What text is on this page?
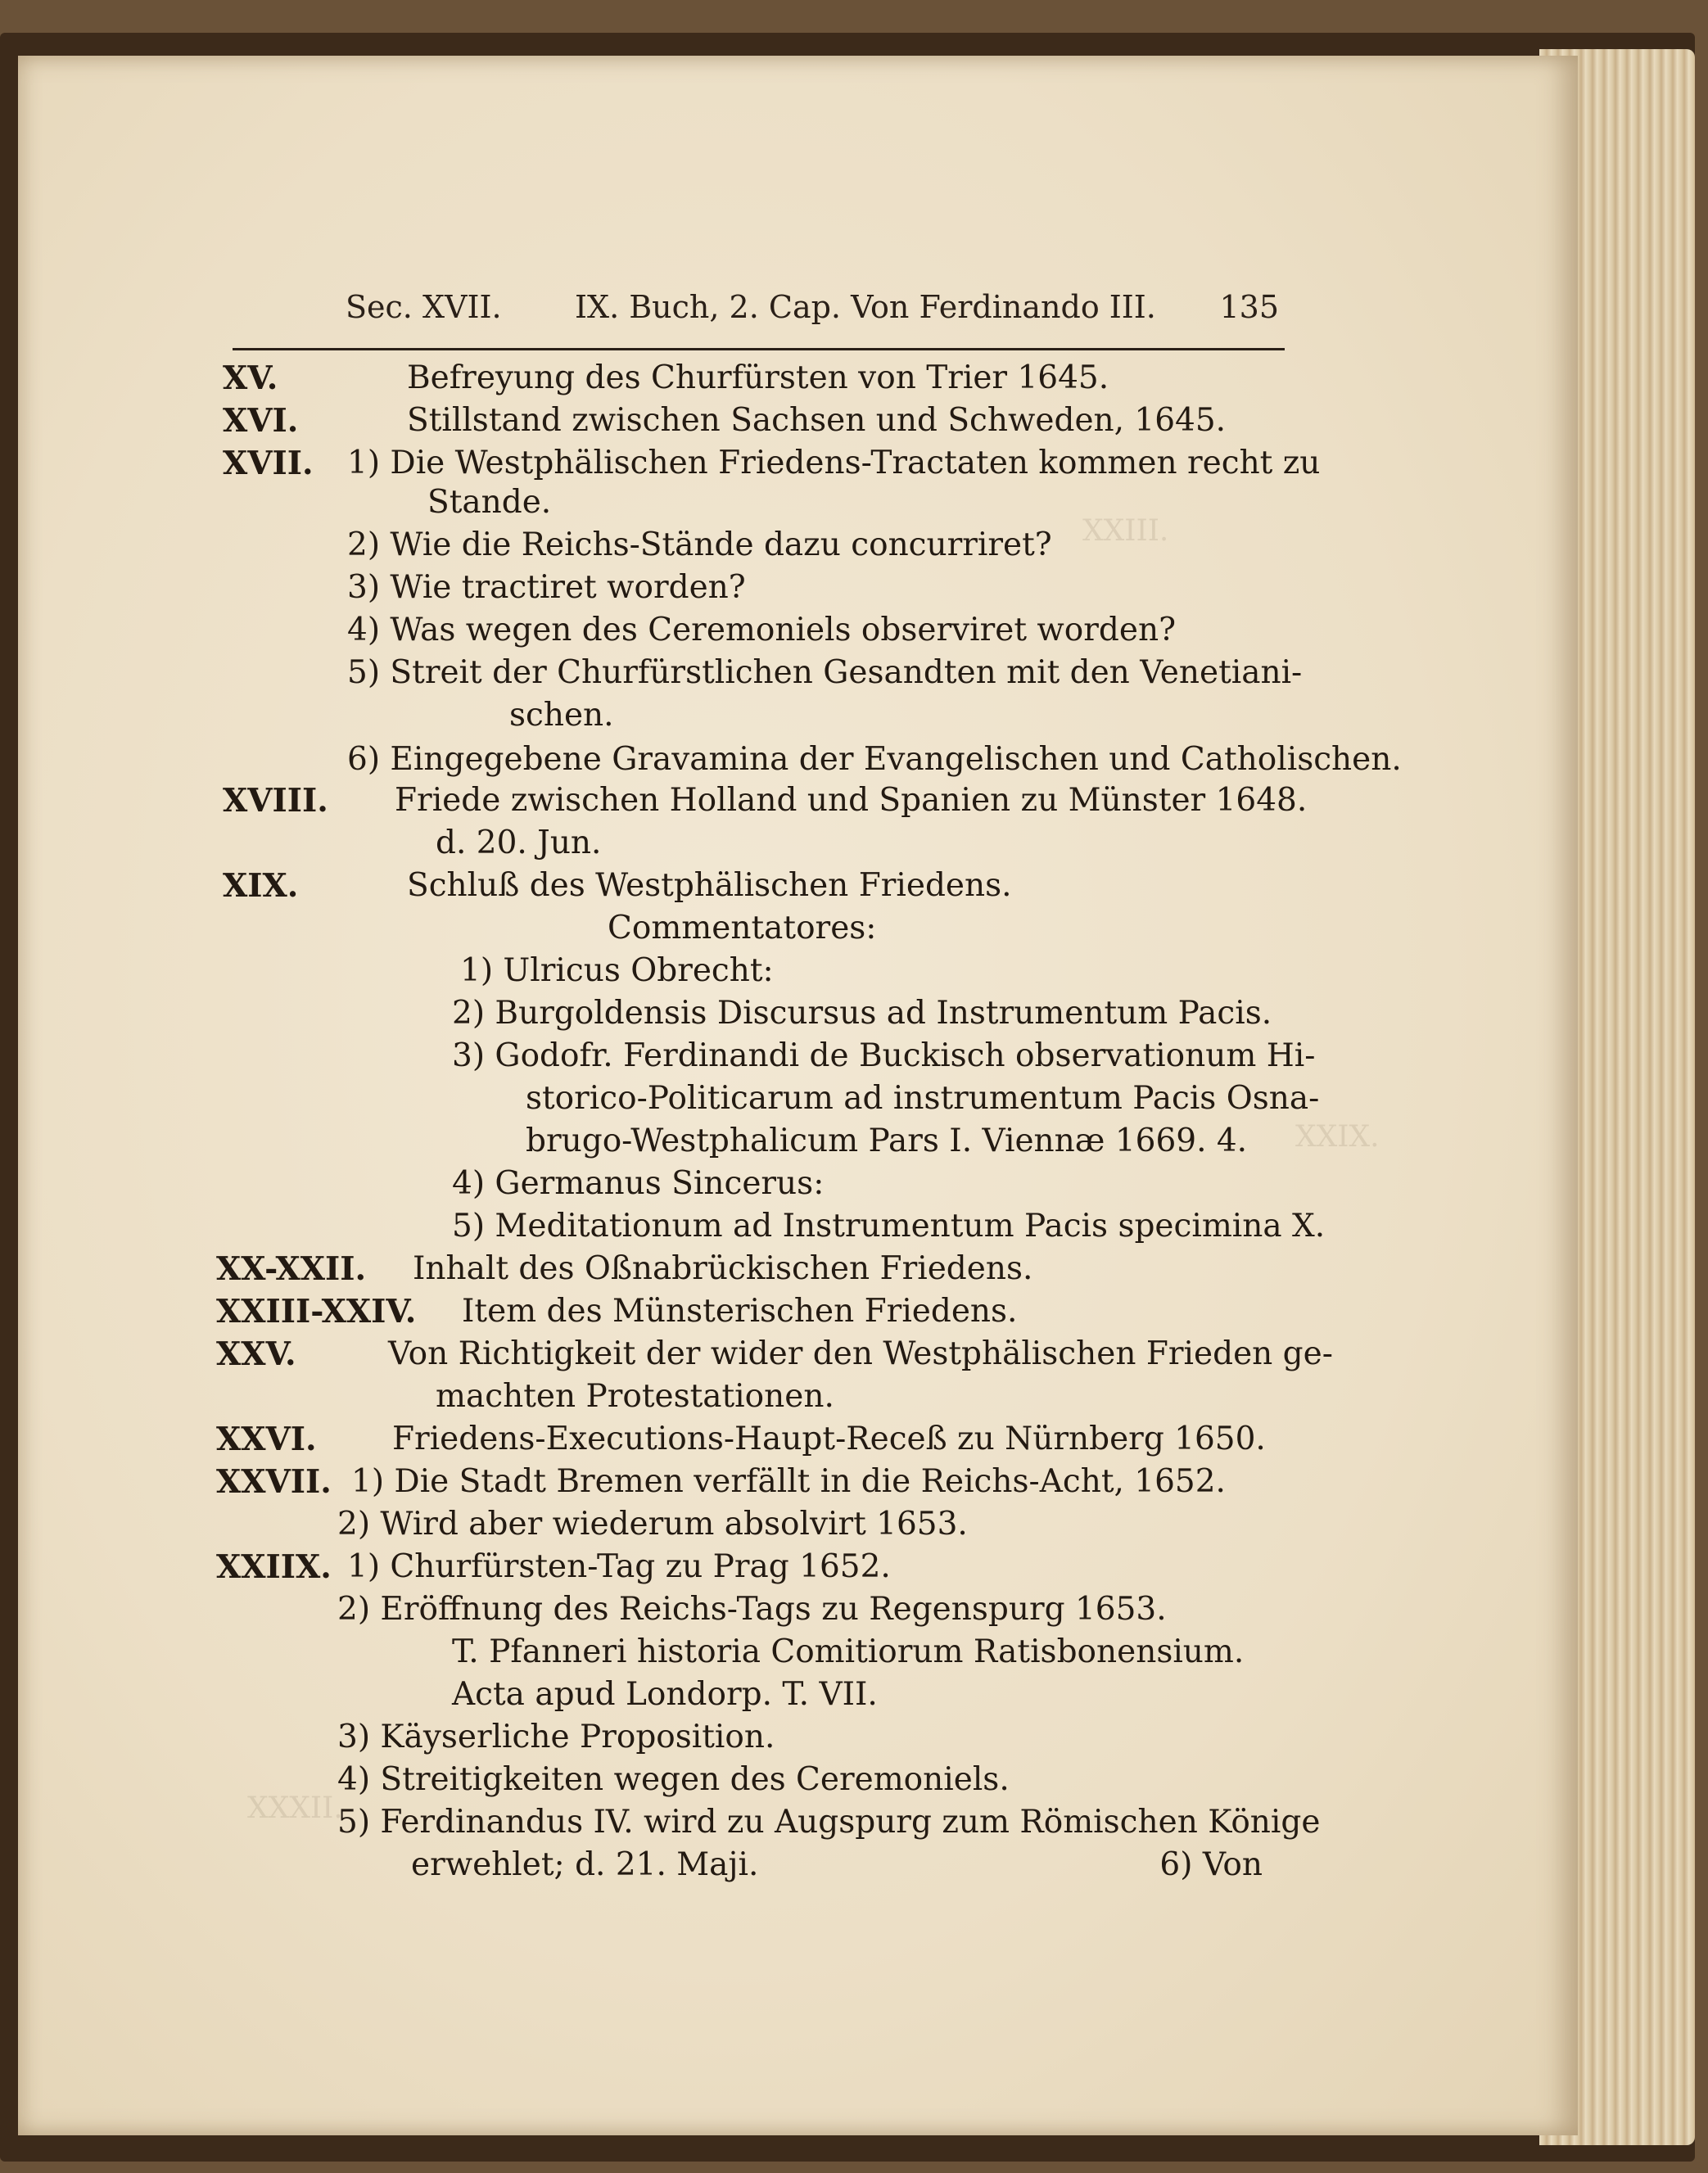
XXIII.
XXIX.
XXXII.
Sec. XVII. IX. Buch, 2. Cap. Von Ferdinando III. 135
XV.	Befreyung des Churfürsten von Trier 1645.
XVI.	Stillstand zwischen Sachsen und Schweden, 1645.
XVII. 1) Die Westphälischen Friedens-Tractaten kommen recht zu
Stande.
2) Wie die Reichs-Stände dazu concurriret?
3) Wie tractiret worden?
4) Was wegen des Ceremoniels observiret worden?
5) Streit der Churfürstlichen Gesandten mit den Venetiani-
schen.
6) Eingegebene Gravamina der Evangelischen und Catholischen.
XVIII. Friede zwischen Holland und Spanien zu Münster 1648.
d. 20. Jun.
XIX.	Schluß des Westphälischen Friedens.
Commentatores:
1) Ulricus Obrecht:
2) Burgoldensis Discursus ad Instrumentum Pacis.
3) Godofr. Ferdinandi de Buckisch observationum Hi-
storico-Politicarum ad instrumentum Pacis Osna-
brugo-Westphalicum Pars I. Viennæ 1669. 4.
4) Germanus Sincerus:
5) Meditationum ad Instrumentum Pacis specimina X.
XX-XXII. Inhalt des Oßnabrückischen Friedens.
XXIII-XXIV. Item des Münsterischen Friedens.
XXV.	Von Richtigkeit der wider den Westphälischen Frieden ge-
machten Protestationen.
XXVI. Friedens-Executions-Haupt-Receß zu Nürnberg 1650.
XXVII. 1) Die Stadt Bremen verfällt in die Reichs-Acht, 1652.
2) Wird aber wiederum absolvirt 1653.
XXIIX. 1) Churfürsten-Tag zu Prag 1652.
2) Eröffnung des Reichs-Tags zu Regenspurg 1653.
T. Pfanneri historia Comitiorum Ratisbonensium.
Acta apud Londorp. T. VII.
3) Käyserliche Proposition.
4) Streitigkeiten wegen des Ceremoniels.
5) Ferdinandus IV. wird zu Augspurg zum Römischen Könige
erwehlet; d. 21. Maji.	6) Von
